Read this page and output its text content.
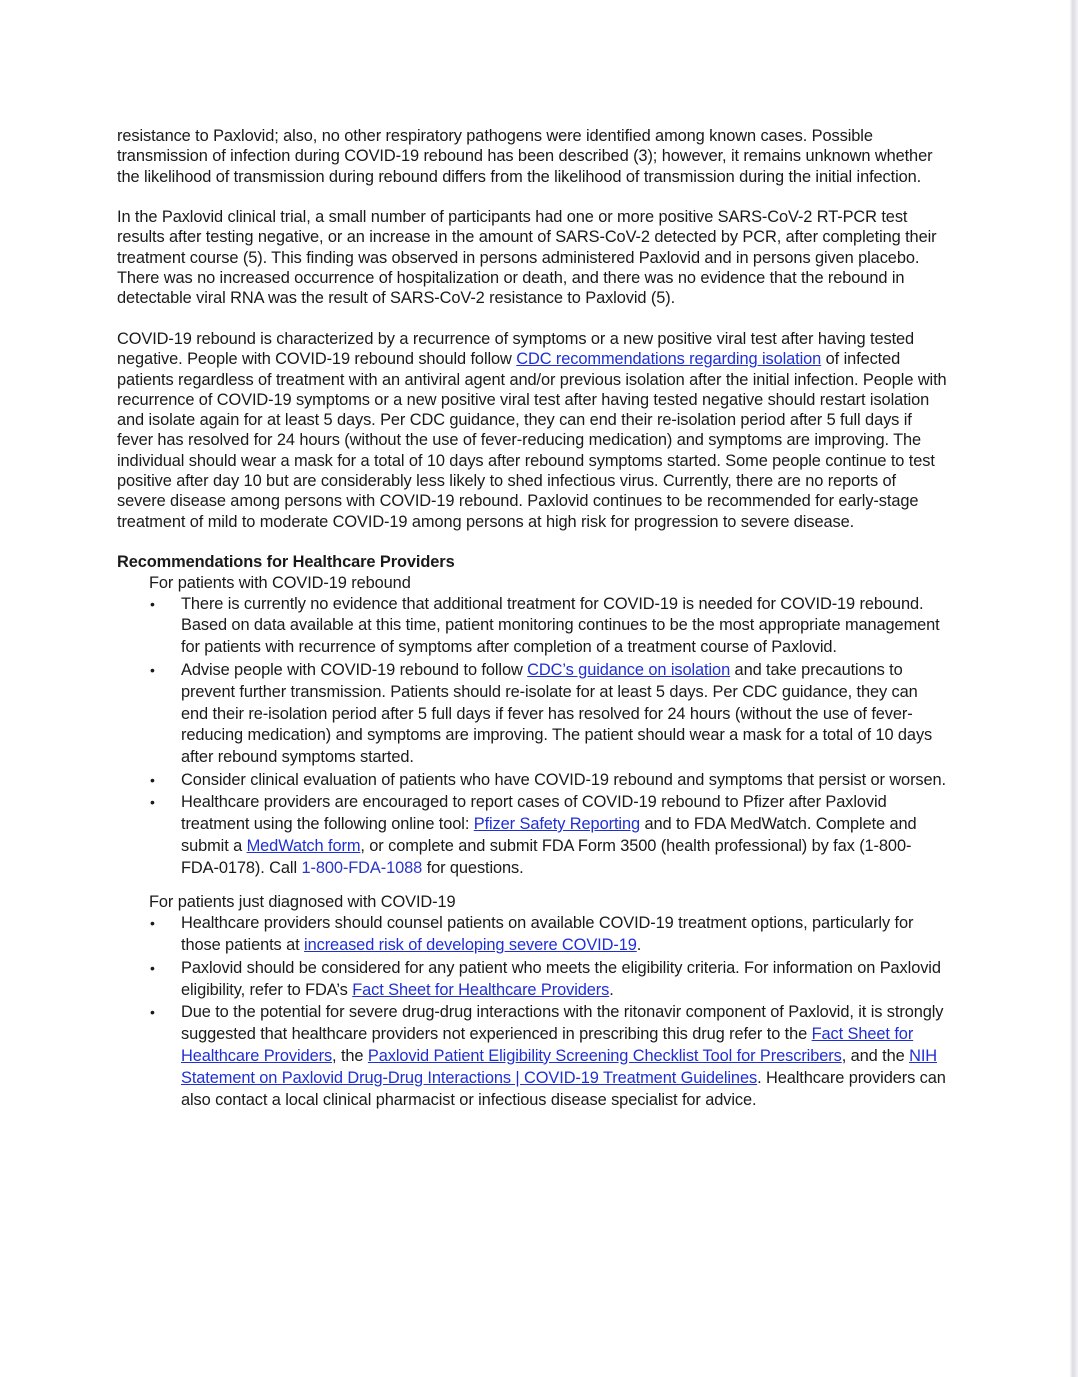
resistance to Paxlovid; also, no other respiratory pathogens were identified among known cases. Possible transmission of infection during COVID-19 rebound has been described (3); however, it remains unknown whether the likelihood of transmission during rebound differs from the likelihood of transmission during the initial infection.

In the Paxlovid clinical trial, a small number of participants had one or more positive SARS-CoV-2 RT-PCR test results after testing negative, or an increase in the amount of SARS-CoV-2 detected by PCR, after completing their treatment course (5). This finding was observed in persons administered Paxlovid and in persons given placebo. There was no increased occurrence of hospitalization or death, and there was no evidence that the rebound in detectable viral RNA was the result of SARS-CoV-2 resistance to Paxlovid (5).

COVID-19 rebound is characterized by a recurrence of symptoms or a new positive viral test after having tested negative. People with COVID-19 rebound should follow CDC recommendations regarding isolation of infected patients regardless of treatment with an antiviral agent and/or previous isolation after the initial infection. People with recurrence of COVID-19 symptoms or a new positive viral test after having tested negative should restart isolation and isolate again for at least 5 days. Per CDC guidance, they can end their re-isolation period after 5 full days if fever has resolved for 24 hours (without the use of fever-reducing medication) and symptoms are improving. The individual should wear a mask for a total of 10 days after rebound symptoms started. Some people continue to test positive after day 10 but are considerably less likely to shed infectious virus. Currently, there are no reports of severe disease among persons with COVID-19 rebound. Paxlovid continues to be recommended for early-stage treatment of mild to moderate COVID-19 among persons at high risk for progression to severe disease.

Recommendations for Healthcare Providers
For patients with COVID-19 rebound
• There is currently no evidence that additional treatment for COVID-19 is needed for COVID-19 rebound. Based on data available at this time, patient monitoring continues to be the most appropriate management for patients with recurrence of symptoms after completion of a treatment course of Paxlovid.
• Advise people with COVID-19 rebound to follow CDC’s guidance on isolation and take precautions to prevent further transmission. Patients should re-isolate for at least 5 days. Per CDC guidance, they can end their re-isolation period after 5 full days if fever has resolved for 24 hours (without the use of fever-reducing medication) and symptoms are improving. The patient should wear a mask for a total of 10 days after rebound symptoms started.
• Consider clinical evaluation of patients who have COVID-19 rebound and symptoms that persist or worsen.
• Healthcare providers are encouraged to report cases of COVID-19 rebound to Pfizer after Paxlovid treatment using the following online tool: Pfizer Safety Reporting and to FDA MedWatch. Complete and submit a MedWatch form, or complete and submit FDA Form 3500 (health professional) by fax (1-800-FDA-0178). Call 1-800-FDA-1088 for questions.
For patients just diagnosed with COVID-19
• Healthcare providers should counsel patients on available COVID-19 treatment options, particularly for those patients at increased risk of developing severe COVID-19.
• Paxlovid should be considered for any patient who meets the eligibility criteria. For information on Paxlovid eligibility, refer to FDA’s Fact Sheet for Healthcare Providers.
• Due to the potential for severe drug-drug interactions with the ritonavir component of Paxlovid, it is strongly suggested that healthcare providers not experienced in prescribing this drug refer to the Fact Sheet for Healthcare Providers, the Paxlovid Patient Eligibility Screening Checklist Tool for Prescribers, and the NIH Statement on Paxlovid Drug-Drug Interactions | COVID-19 Treatment Guidelines. Healthcare providers can also contact a local clinical pharmacist or infectious disease specialist for advice.
